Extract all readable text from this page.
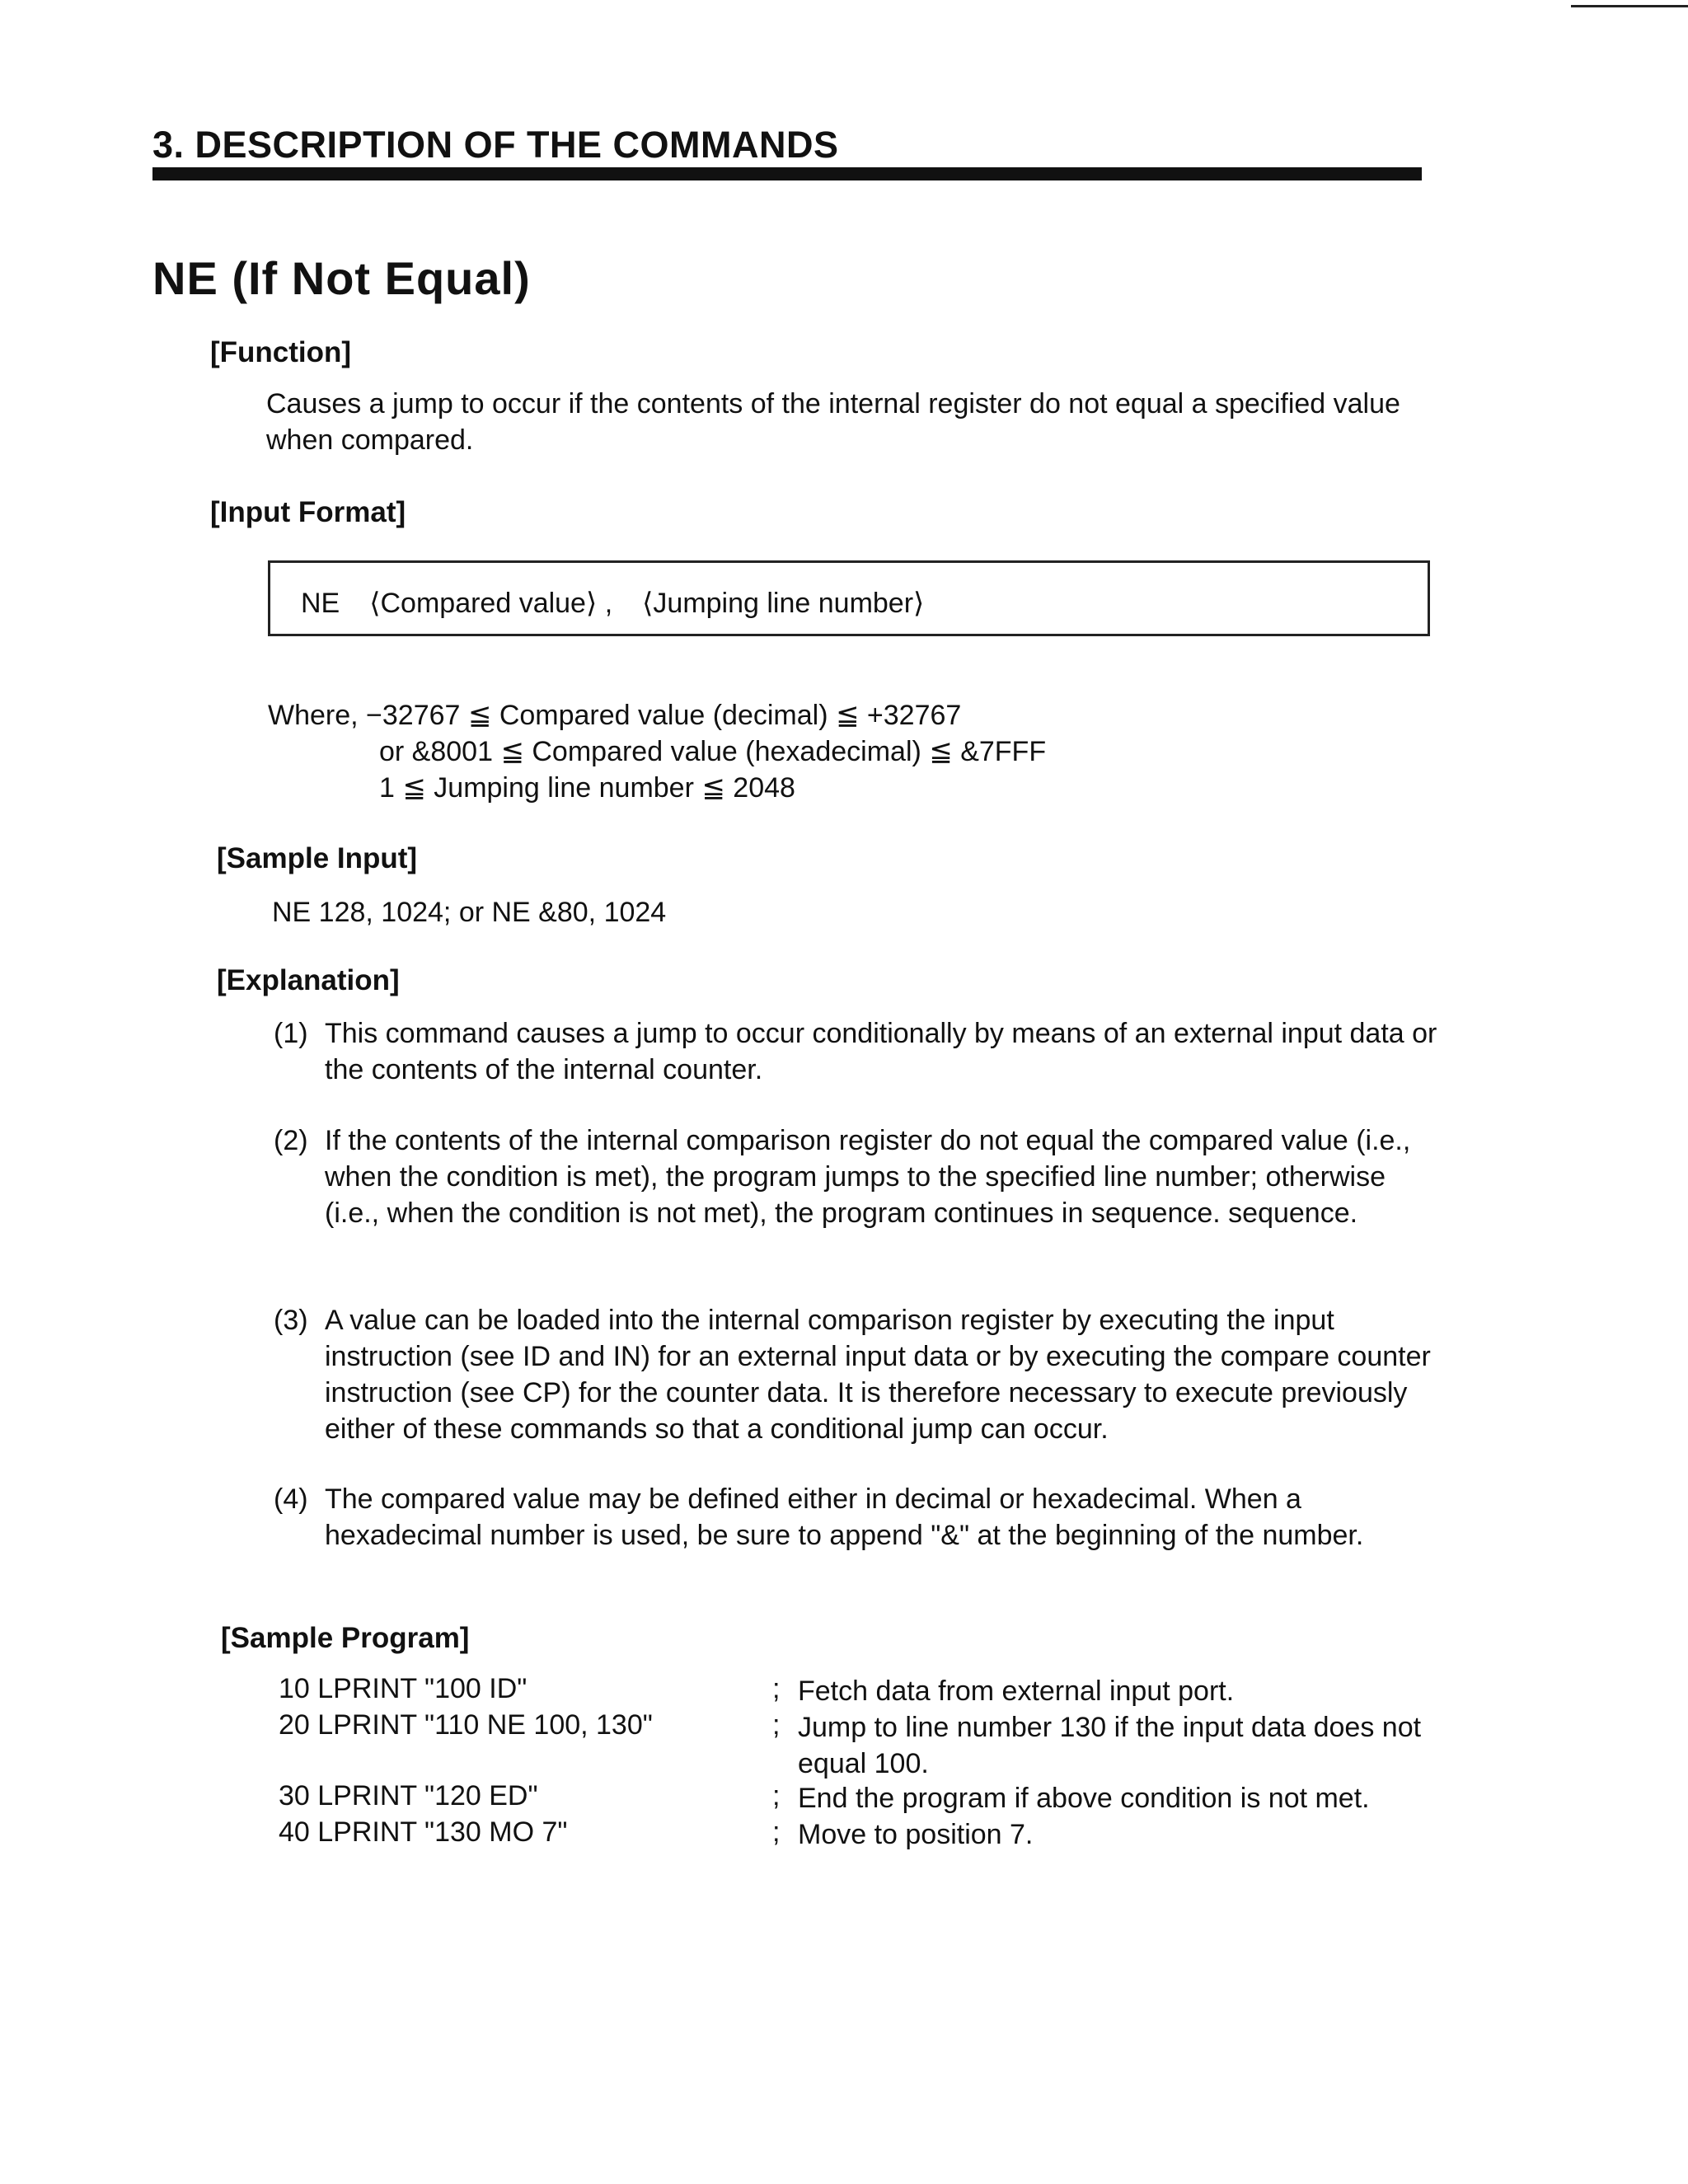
3. DESCRIPTION OF THE COMMANDS
NE (If Not Equal)
[Function]
Causes a jump to occur if the contents of the internal register do not equal a specified value when compared.
[Input Format]
NE ⟨Compared value⟩ , ⟨Jumping line number⟩
Where, −32767 ≦ Compared value (decimal) ≦ +32767
or &8001 ≦ Compared value (hexadecimal) ≦ &7FFF
1 ≦ Jumping line number ≦ 2048
[Sample Input]
NE 128, 1024; or NE &80, 1024
[Explanation]
(1) This command causes a jump to occur conditionally by means of an external input data or the contents of the internal counter.
(2) If the contents of the internal comparison register do not equal the compared value (i.e., when the condition is met), the program jumps to the specified line number; otherwise (i.e., when the condition is not met), the program continues in sequence. sequence.
(3) A value can be loaded into the internal comparison register by executing the input instruction (see ID and IN) for an external input data or by executing the compare counter instruction (see CP) for the counter data. It is therefore necessary to execute previously either of these commands so that a conditional jump can occur.
(4) The compared value may be defined either in decimal or hexadecimal. When a hexadecimal number is used, be sure to append "&" at the beginning of the number.
[Sample Program]
10 LPRINT "100 ID"	; Fetch data from external input port.
20 LPRINT "110 NE 100, 130"	; Jump to line number 130 if the input data does not equal 100.
30 LPRINT "120 ED"	; End the program if above condition is not met.
40 LPRINT "130 MO 7"	; Move to position 7.
